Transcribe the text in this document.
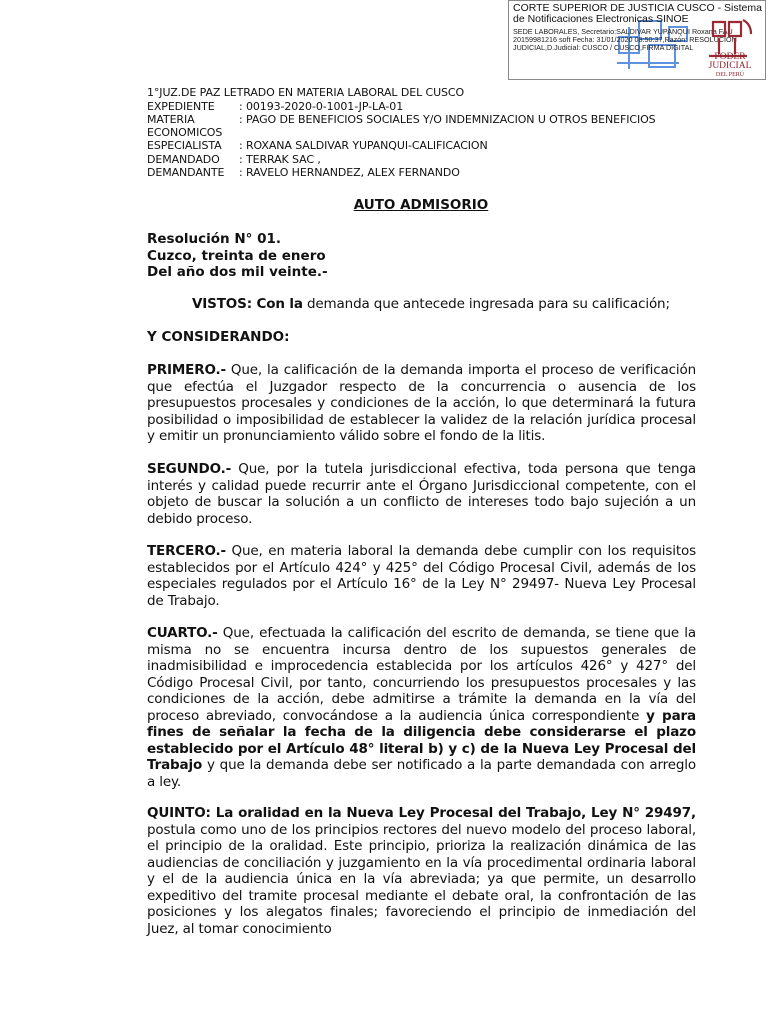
CORTE SUPERIOR DE JUSTICIA CUSCO - Sistema de Notificaciones Electronicas SINOE
SEDE LABORALES, Secretario:SALDIVAR YUPANQUI Roxana FAU 20159981216 soft Fecha: 31/01/2020 08:50:37,Razón: RESOLUCIÓN JUDICIAL,D.Judicial: CUSCO / CUSCO,FIRMA DIGITAL
PODER JUDICIAL
DEL PERÚ
1°JUZ.DE PAZ LETRADO EN MATERIA LABORAL DEL CUSCO
EXPEDIENTE : 00193-2020-0-1001-JP-LA-01
MATERIA	: PAGO DE BENEFICIOS SOCIALES Y/O INDEMNIZACION U OTROS BENEFICIOS
ECONOMICOS
ESPECIALISTA : ROXANA SALDIVAR YUPANQUI-CALIFICACION
DEMANDADO : TERRAK SAC ,
DEMANDANTE : RAVELO HERNANDEZ, ALEX FERNANDO
AUTO ADMISORIO
Resolución N° 01.
Cuzco, treinta de enero
Del año dos mil veinte.-
VISTOS: Con la demanda que antecede ingresada para su calificación;
Y CONSIDERANDO:
PRIMERO.- Que, la calificación de la demanda importa el proceso de verificación que efectúa el Juzgador respecto de la concurrencia o ausencia de los presupuestos procesales y condiciones de la acción, lo que determinará la futura posibilidad o imposibilidad de establecer la validez de la relación jurídica procesal y emitir un pronunciamiento válido sobre el fondo de la litis.
SEGUNDO.- Que, por la tutela jurisdiccional efectiva, toda persona que tenga interés y calidad puede recurrir ante el Órgano Jurisdiccional competente, con el objeto de buscar la solución a un conflicto de intereses todo bajo sujeción a un debido proceso.
TERCERO.- Que, en materia laboral la demanda debe cumplir con los requisitos establecidos por el Artículo 424° y 425° del Código Procesal Civil, además de los especiales regulados por el Artículo 16° de la Ley N° 29497- Nueva Ley Procesal de Trabajo.
CUARTO.- Que, efectuada la calificación del escrito de demanda, se tiene que la misma no se encuentra incursa dentro de los supuestos generales de inadmisibilidad e improcedencia establecida por los artículos 426° y 427° del Código Procesal Civil, por tanto, concurriendo los presupuestos procesales y las condiciones de la acción, debe admitirse a trámite la demanda en la vía del proceso abreviado, convocándose a la audiencia única correspondiente y para fines de señalar la fecha de la diligencia debe considerarse el plazo establecido por el Artículo 48° literal b) y c) de la Nueva Ley Procesal del Trabajo y que la demanda debe ser notificado a la parte demandada con arreglo a ley.
QUINTO: La oralidad en la Nueva Ley Procesal del Trabajo, Ley N° 29497, postula como uno de los principios rectores del nuevo modelo del proceso laboral, el principio de la oralidad. Este principio, prioriza la realización dinámica de las audiencias de conciliación y juzgamiento en la vía procedimental ordinaria laboral y el de la audiencia única en la vía abreviada; ya que permite, un desarrollo expeditivo del tramite procesal mediante el debate oral, la confrontación de las posiciones y los alegatos finales; favoreciendo el principio de inmediación del Juez, al tomar conocimiento
